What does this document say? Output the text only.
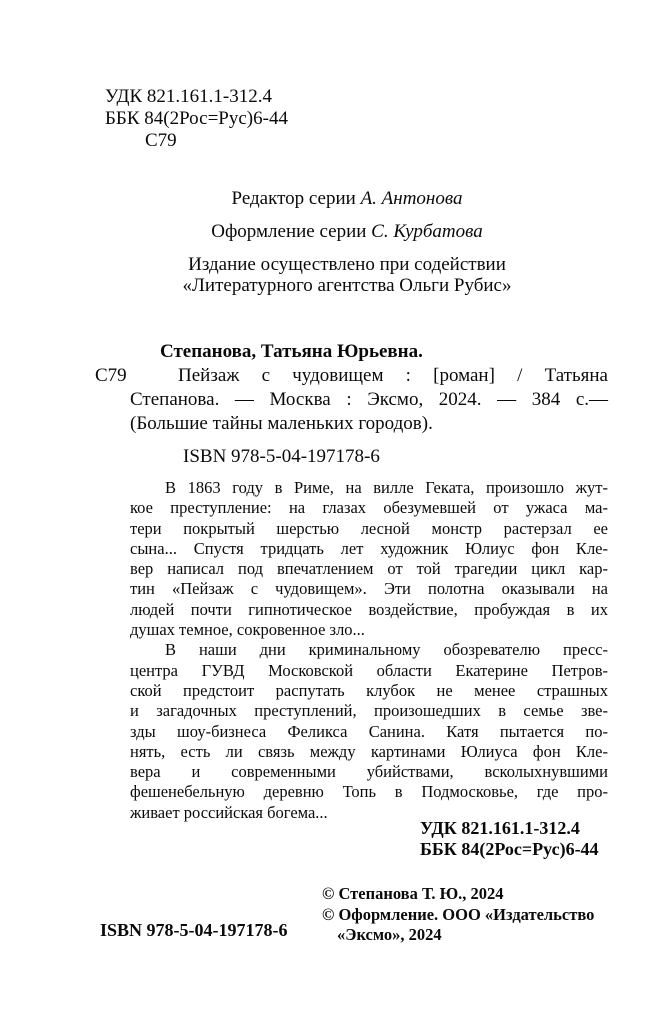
УДК 821.161.1-312.4
ББК 84(2Рос=Рус)6-44
С79
Редактор серии А. Антонова
Оформление серии С. Курбатова
Издание осуществлено при содействии
«Литературного агентства Ольги Рубис»
С79
Степанова, Татьяна Юрьевна.
Пейзаж с чудовищем : [роман] / Татьяна
Степанова. — Москва : Эксмо, 2024. — 384 с.—
(Большие тайны маленьких городов).
ISBN 978-5-04-197178-6
В 1863 году в Риме, на вилле Геката, произошло жут-
кое преступление: на глазах обезумевшей от ужаса ма-
тери покрытый шерстью лесной монстр растерзал ее
сына... Спустя тридцать лет художник Юлиус фон Кле-
вер написал под впечатлением от той трагедии цикл кар-
тин «Пейзаж с чудовищем». Эти полотна оказывали на
людей почти гипнотическое воздействие, пробуждая в их
душах темное, сокровенное зло...
В наши дни криминальному обозревателю пресс-
центра ГУВД Московской области Екатерине Петров-
ской предстоит распутать клубок не менее страшных
и загадочных преступлений, произошедших в семье зве-
зды шоу-бизнеса Феликса Санина. Катя пытается по-
нять, есть ли связь между картинами Юлиуса фон Кле-
вера и современными убийствами, всколыхнувшими
фешенебельную деревню Топь в Подмосковье, где про-
живает российская богема...
УДК 821.161.1-312.4
ББК 84(2Рос=Рус)6-44
ISBN 978-5-04-197178-6
© Степанова Т. Ю., 2024
© Оформление. ООО «Издательство
«Эксмо», 2024
